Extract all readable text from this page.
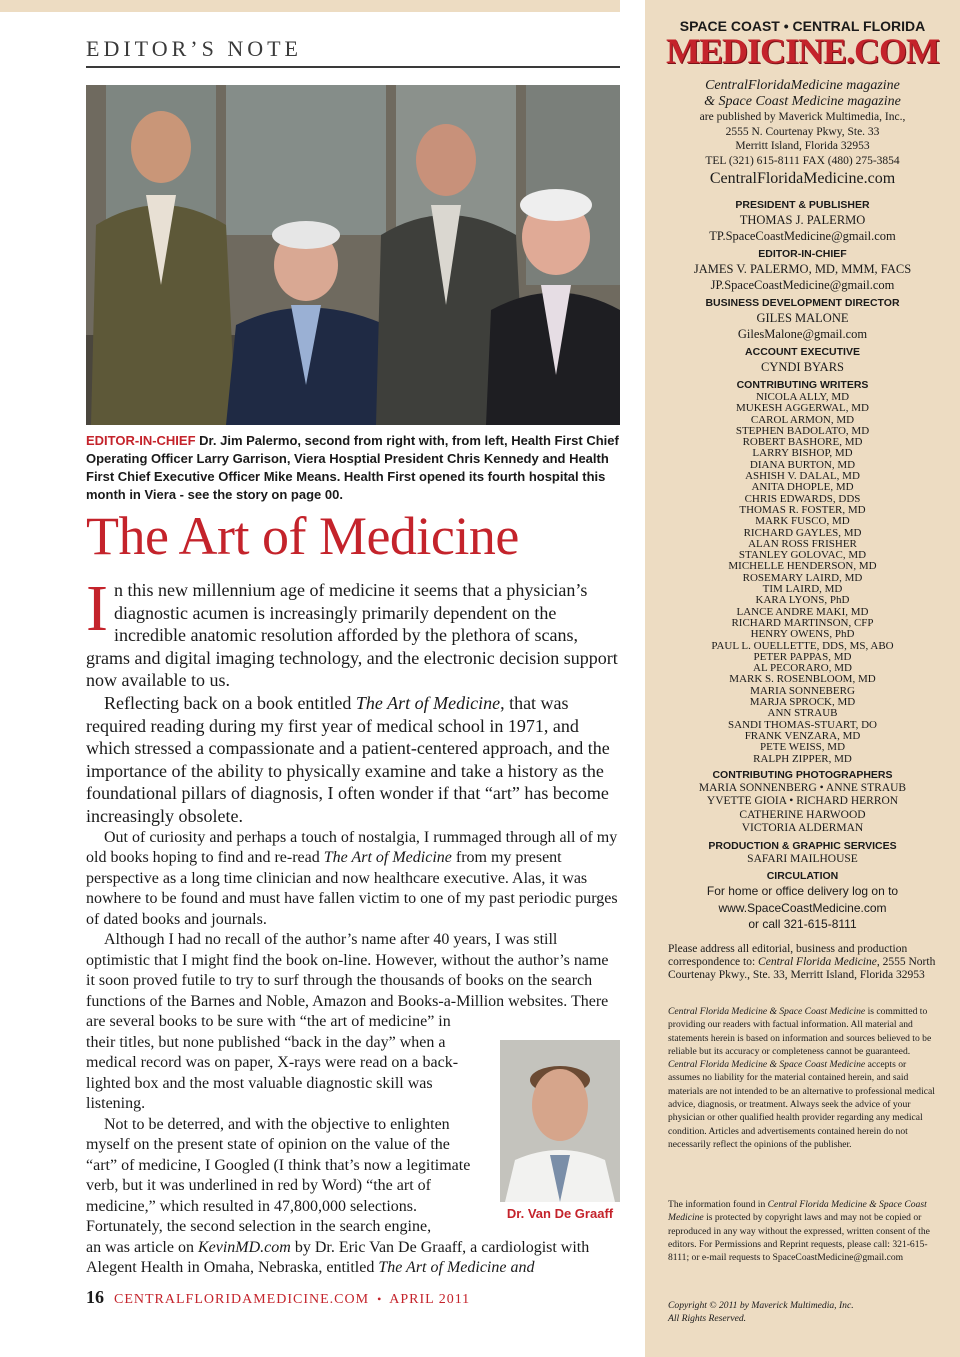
EDITOR’S NOTE
EDITOR-IN-CHIEF Dr. Jim Palermo, second from right with, from left, Health First Chief Operating Officer Larry Garrison, Viera Hosptial President Chris Kennedy and Health First Chief Executive Officer Mike Means. Health First opened its fourth hospital this month in Viera - see the story on page 00.
The Art of Medicine

In this new millennium age of medicine it seems that a physician’s diagnostic acumen is increasingly primarily dependent on the incredible anatomic resolution afforded by the plethora of scans, grams and digital imaging technology, and the electronic decision support now available to us.

Reflecting back on a book entitled The Art of Medicine, that was required reading during my first year of medical school in 1971, and which stressed a compassionate and a patient-centered approach, and the importance of the ability to physically examine and take a history as the foundational pillars of diagnosis, I often wonder if that “art” has become increasingly obsolete.

Out of curiosity and perhaps a touch of nostalgia, I rummaged through all of my old books hoping to find and re-read The Art of Medicine from my present perspective as a long time clinician and now healthcare executive. Alas, it was nowhere to be found and must have fallen victim to one of my past periodic purges of dated books and journals.

Although I had no recall of the author’s name after 40 years, I was still optimistic that I might find the book on-line. However, without the author’s name it soon proved futile to try to surf through the thousands of books on the search functions of the Barnes and Noble, Amazon and Books-a-Million websites. There are several books to be sure with “the art of medicine” in

their titles, but none published “back in the day” when a medical record was on paper, X-rays were read on a back-lighted box and the most valuable diagnostic skill was listening.

Not to be deterred, and with the objective to enlighten myself on the present state of opinion on the value of the “art” of medicine, I Googled (I think that’s now a legitimate verb, but it was underlined in red by Word) “the art of medicine,” which resulted in 47,800,000 selections. Fortunately, the second selection in the search engine,

an was article on KevinMD.com by Dr. Eric Van De Graaff, a cardiologist with Alegent Health in Omaha, Nebraska, entitled The Art of Medicine and

Dr. Van De Graaff
16 CENTRALFLORIDAMEDICINE.COM • APRIL 2011
SPACE COAST • CENTRAL FLORIDA
MEDICINE.COM
CentralFloridaMedicine magazine
& Space Coast Medicine magazine
are published by Maverick Multimedia, Inc.,
2555 N. Courtenay Pkwy, Ste. 33
Merritt Island, Florida 32953
TEL (321) 615-8111 FAX (480) 275-3854
CentralFloridaMedicine.com
PRESIDENT & PUBLISHER
THOMAS J. PALERMO
TP.SpaceCoastMedicine@gmail.com
EDITOR-IN-CHIEF
JAMES V. PALERMO, MD, MMM, FACS
JP.SpaceCoastMedicine@gmail.com
BUSINESS DEVELOPMENT DIRECTOR
GILES MALONE
GilesMalone@gmail.com
ACCOUNT EXECUTIVE
CYNDI BYARS
CONTRIBUTING WRITERS
NICOLA ALLY, MD
MUKESH AGGERWAL, MD
CAROL ARMON, MD
STEPHEN BADOLATO, MD
ROBERT BASHORE, MD
LARRY BISHOP, MD
DIANA BURTON, MD
ASHISH V. DALAL, MD
ANITA DHOPLE, MD
CHRIS EDWARDS, DDS
THOMAS R. FOSTER, MD
MARK FUSCO, MD
RICHARD GAYLES, MD
ALAN ROSS FRISHER
STANLEY GOLOVAC, MD
MICHELLE HENDERSON, MD
ROSEMARY LAIRD, MD
TIM LAIRD, MD
KARA LYONS, PhD
LANCE ANDRE MAKI, MD
RICHARD MARTINSON, CFP
HENRY OWENS, PhD
PAUL L. OUELLETTE, DDS, MS, ABO
PETER PAPPAS, MD
AL PECORARO, MD
MARK S. ROSENBLOOM, MD
MARIA SONNEBERG
MARJA SPROCK, MD
ANN STRAUB
SANDI THOMAS-STUART, DO
FRANK VENZARA, MD
PETE WEISS, MD
RALPH ZIPPER, MD
CONTRIBUTING PHOTOGRAPHERS
MARIA SONNENBERG • ANNE STRAUB
YVETTE GIOIA • RICHARD HERRON
CATHERINE HARWOOD
VICTORIA ALDERMAN
PRODUCTION & GRAPHIC SERVICES
SAFARI MAILHOUSE
CIRCULATION
For home or office delivery log on to
www.SpaceCoastMedicine.com
or call 321-615-8111
Please address all editorial, business and production correspondence to: Central Florida Medicine, 2555 North Courtenay Pkwy., Ste. 33, Merritt Island, Florida 32953
Central Florida Medicine & Space Coast Medicine is committed to providing our readers with factual information. All material and statements herein is based on information and sources believed to be reliable but its accuracy or completeness cannot be guaranteed. Central Florida Medicine & Space Coast Medicine accepts or assumes no liability for the material contained herein, and said materials are not intended to be an alternative to professional medical advice, diagnosis, or treatment. Always seek the advice of your physician or other qualified health provider regarding any medical condition. Articles and advertisements contained herein do not necessarily reflect the opinions of the publisher.
The information found in Central Florida Medicine & Space Coast Medicine is protected by copyright laws and may not be copied or reproduced in any way without the expressed, written consent of the editors. For Permissions and Reprint requests, please call: 321-615-8111; or e-mail requests to SpaceCoastMedicine@gmail.com
Copyright © 2011 by Maverick Multimedia, Inc.
All Rights Reserved.
